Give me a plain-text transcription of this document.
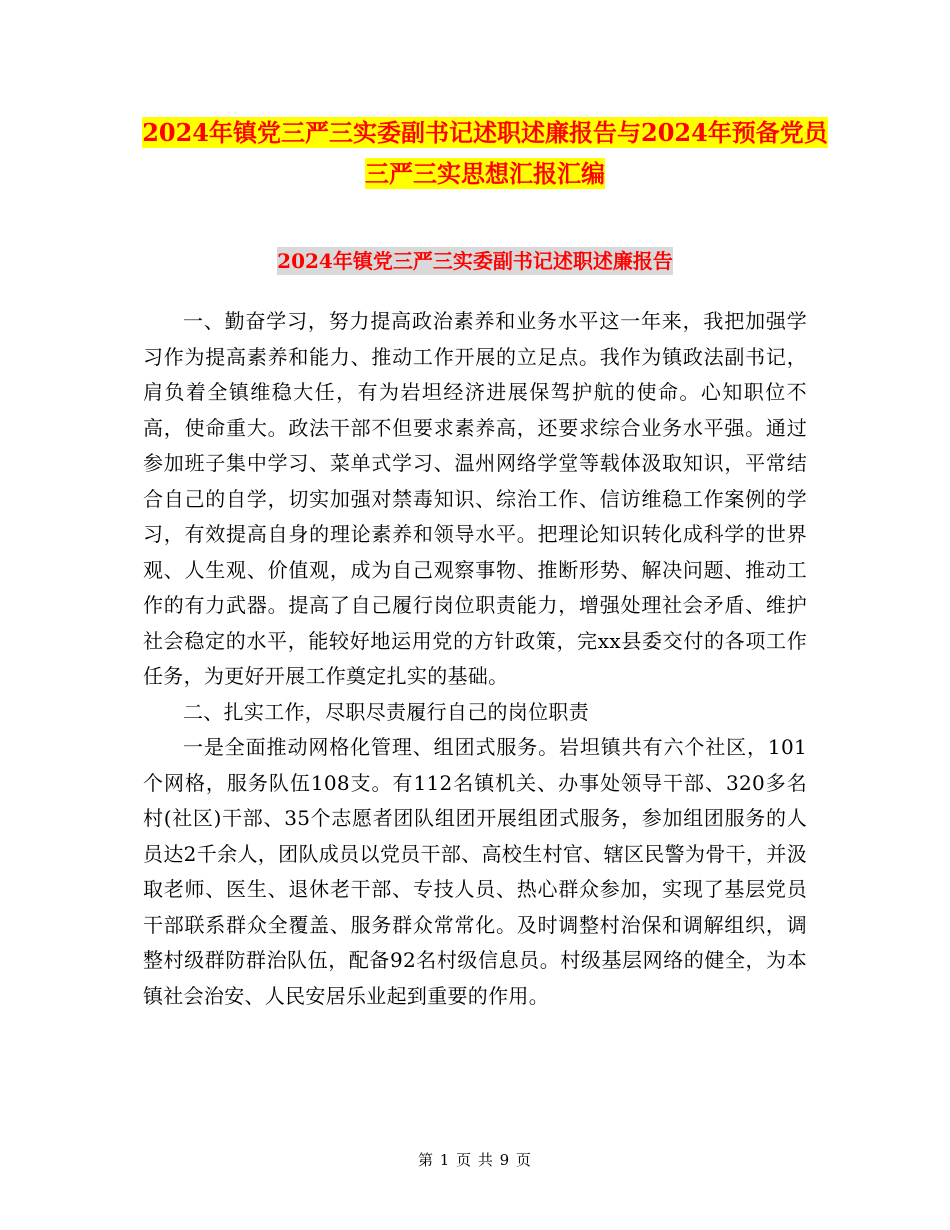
2024年镇党三严三实委副书记述职述廉报告与2024年预备党员三严三实思想汇报汇编
2024年镇党三严三实委副书记述职述廉报告

一、勤奋学习，努力提高政治素养和业务水平这一年来，我把加强学习作为提高素养和能力、推动工作开展的立足点。我作为镇政法副书记，肩负着全镇维稳大任，有为岩坦经济进展保驾护航的使命。心知职位不高，使命重大。政法干部不但要求素养高，还要求综合业务水平强。通过参加班子集中学习、菜单式学习、温州网络学堂等载体汲取知识，平常结合自己的自学，切实加强对禁毒知识、综治工作、信访维稳工作案例的学习，有效提高自身的理论素养和领导水平。把理论知识转化成科学的世界观、人生观、价值观，成为自己观察事物、推断形势、解决问题、推动工作的有力武器。提高了自己履行岗位职责能力，增强处理社会矛盾、维护社会稳定的水平，能较好地运用党的方针政策，完xx县委交付的各项工作任务，为更好开展工作奠定扎实的基础。

二、扎实工作，尽职尽责履行自己的岗位职责

一是全面推动网格化管理、组团式服务。岩坦镇共有六个社区，101个网格，服务队伍108支。有112名镇机关、办事处领导干部、320多名村(社区)干部、35个志愿者团队组团开展组团式服务，参加组团服务的人员达2千余人，团队成员以党员干部、高校生村官、辖区民警为骨干，并汲取老师、医生、退休老干部、专技人员、热心群众参加，实现了基层党员干部联系群众全覆盖、服务群众常常化。及时调整村治保和调解组织，调整村级群防群治队伍，配备92名村级信息员。村级基层网络的健全，为本镇社会治安、人民安居乐业起到重要的作用。

第 1 页 共 9 页
